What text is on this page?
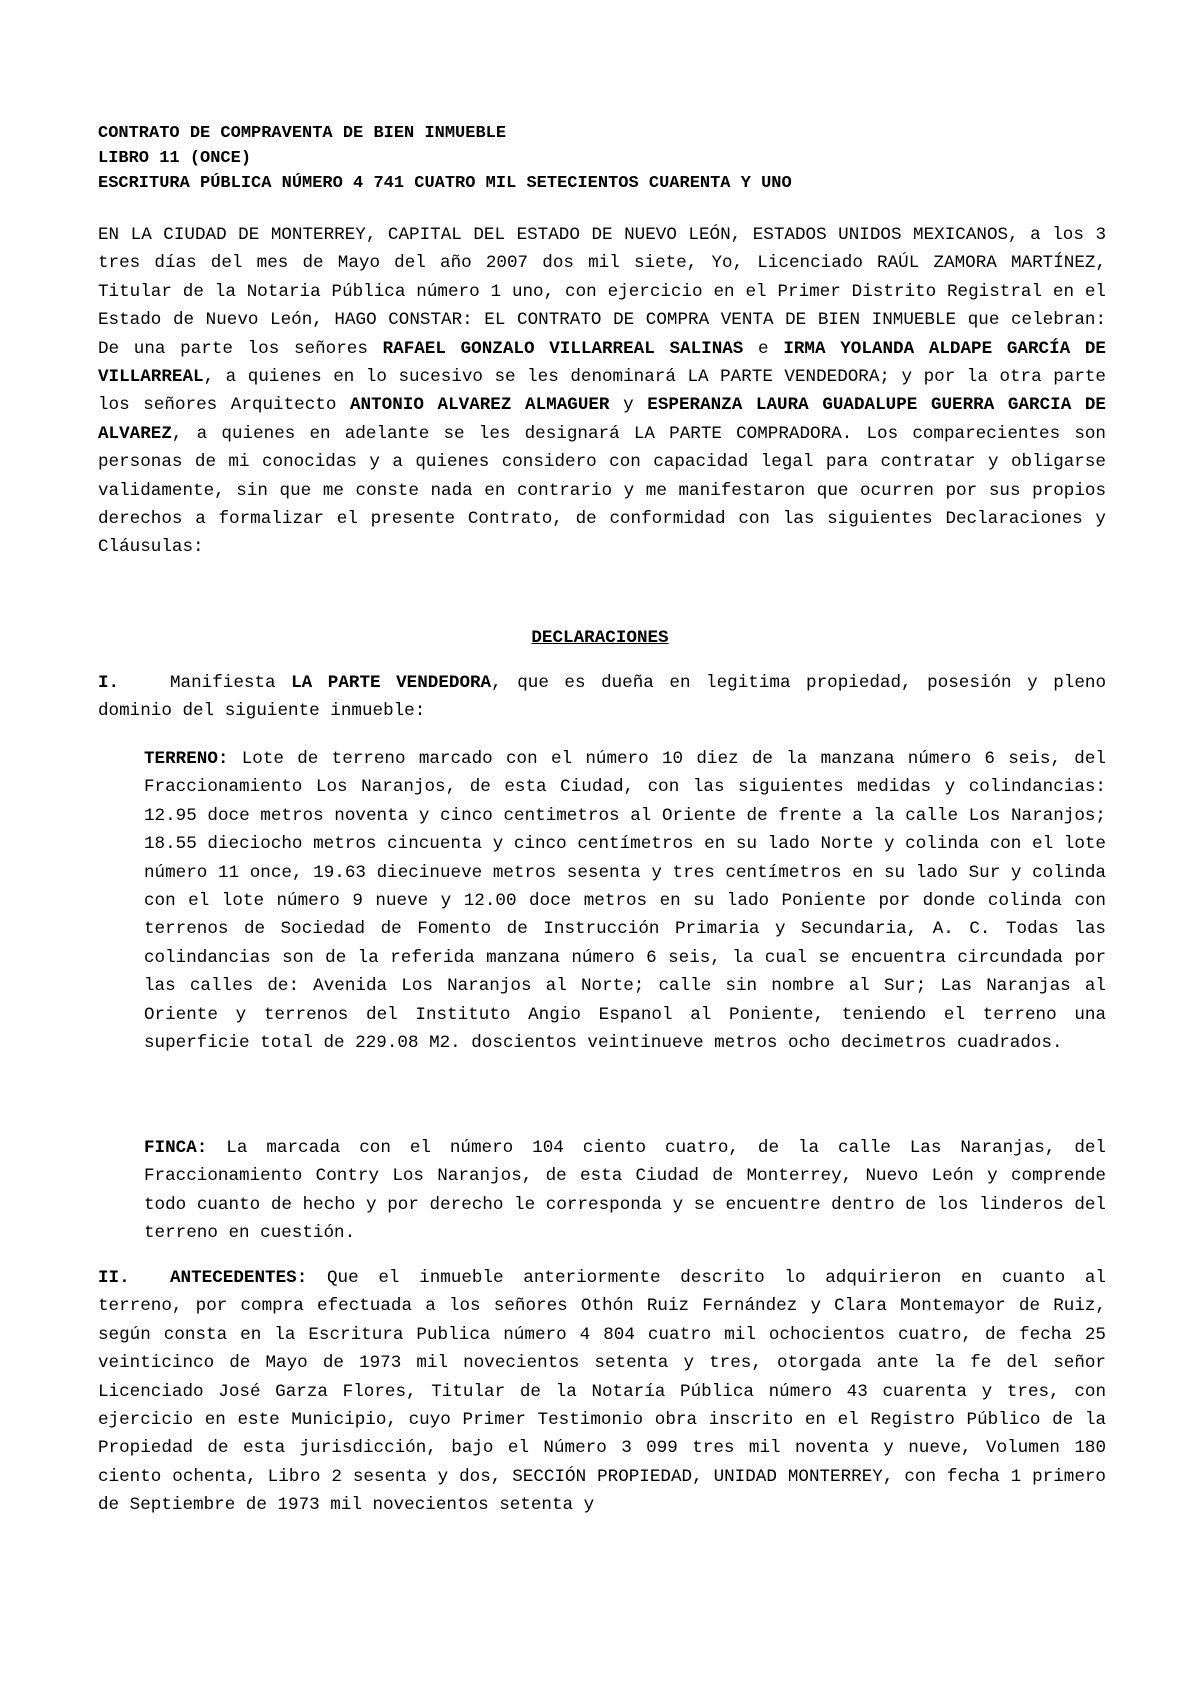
CONTRATO DE COMPRAVENTA DE BIEN INMUEBLE
LIBRO 11 (ONCE)
ESCRITURA PÚBLICA NÚMERO 4 741 CUATRO MIL SETECIENTOS CUARENTA Y UNO
EN LA CIUDAD DE MONTERREY, CAPITAL DEL ESTADO DE NUEVO LEÓN, ESTADOS UNIDOS MEXICANOS, a los 3 tres días del mes de Mayo del año 2007 dos mil siete, Yo, Licenciado RAÚL ZAMORA MARTÍNEZ, Titular de la Notaria Pública número 1 uno, con ejercicio en el Primer Distrito Registral en el Estado de Nuevo León, HAGO CONSTAR: EL CONTRATO DE COMPRA VENTA DE BIEN INMUEBLE que celebran: De una parte los señores RAFAEL GONZALO VILLARREAL SALINAS e IRMA YOLANDA ALDAPE GARCÍA DE VILLARREAL, a quienes en lo sucesivo se les denominará LA PARTE VENDEDORA; y por la otra parte los señores Arquitecto ANTONIO ALVAREZ ALMAGUER y ESPERANZA LAURA GUADALUPE GUERRA GARCIA DE ALVAREZ, a quienes en adelante se les designará LA PARTE COMPRADORA. Los comparecientes son personas de mi conocidas y a quienes considero con capacidad legal para contratar y obligarse validamente, sin que me conste nada en contrario y me manifestaron que ocurren por sus propios derechos a formalizar el presente Contrato, de conformidad con las siguientes Declaraciones y Cláusulas:
DECLARACIONES
I.	Manifiesta LA PARTE VENDEDORA, que es dueña en legitima propiedad, posesión y pleno dominio del siguiente inmueble:
TERRENO: Lote de terreno marcado con el número 10 diez de la manzana número 6 seis, del Fraccionamiento Los Naranjos, de esta Ciudad, con las siguientes medidas y colindancias: 12.95 doce metros noventa y cinco centimetros al Oriente de frente a la calle Los Naranjos; 18.55 dieciocho metros cincuenta y cinco centímetros en su lado Norte y colinda con el lote número 11 once, 19.63 diecinueve metros sesenta y tres centímetros en su lado Sur y colinda con el lote número 9 nueve y 12.00 doce metros en su lado Poniente por donde colinda con terrenos de Sociedad de Fomento de Instrucción Primaria y Secundaria, A. C. Todas las colindancias son de la referida manzana número 6 seis, la cual se encuentra circundada por las calles de: Avenida Los Naranjos al Norte; calle sin nombre al Sur; Las Naranjas al Oriente y terrenos del Instituto Angio Espanol al Poniente, teniendo el terreno una superficie total de 229.08 M2. doscientos veintinueve metros ocho decimetros cuadrados.
FINCA: La marcada con el número 104 ciento cuatro, de la calle Las Naranjas, del Fraccionamiento Contry Los Naranjos, de esta Ciudad de Monterrey, Nuevo León y comprende todo cuanto de hecho y por derecho le corresponda y se encuentre dentro de los linderos del terreno en cuestión.
II. ANTECEDENTES: Que el inmueble anteriormente descrito lo adquirieron en cuanto al terreno, por compra efectuada a los señores Othón Ruiz Fernández y Clara Montemayor de Ruiz, según consta en la Escritura Publica número 4 804 cuatro mil ochocientos cuatro, de fecha 25 veinticinco de Mayo de 1973 mil novecientos setenta y tres, otorgada ante la fe del señor Licenciado José Garza Flores, Titular de la Notaría Pública número 43 cuarenta y tres, con ejercicio en este Municipio, cuyo Primer Testimonio obra inscrito en el Registro Público de la Propiedad de esta jurisdicción, bajo el Número 3 099 tres mil noventa y nueve, Volumen 180 ciento ochenta, Libro 2 sesenta y dos, SECCIÓN PROPIEDAD, UNIDAD MONTERREY, con fecha 1 primero de Septiembre de 1973 mil novecientos setenta y
